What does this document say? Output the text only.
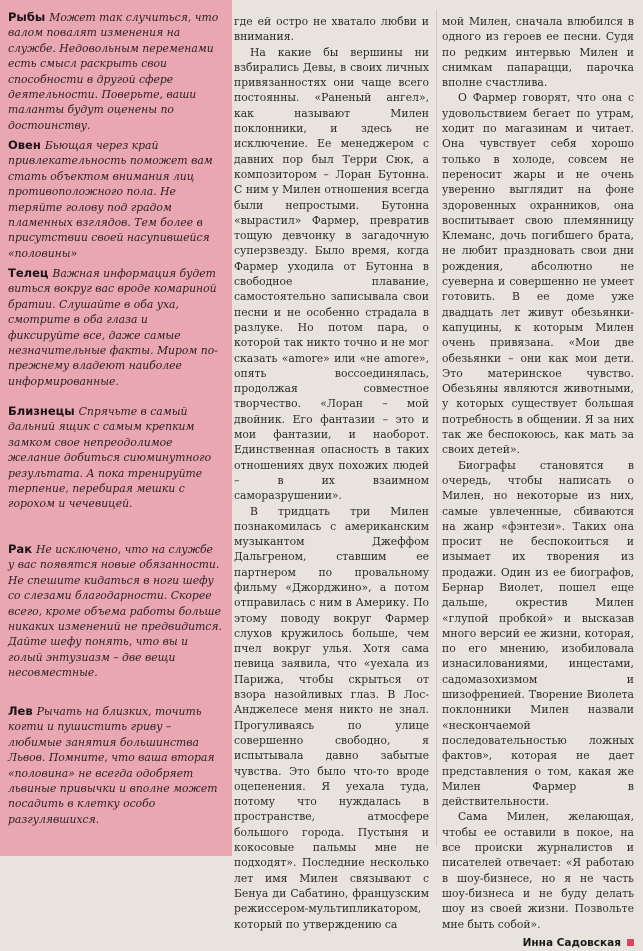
Рыбы Может так случиться, что валом повалят изменения на службе. Недовольным переменами есть смысл раскрыть свои способности в другой сфере деятельности. Поверьте, ваши таланты будут оценены по достоинству.

Овен Бьющая через край привлекательность поможет вам стать объектом внимания лиц противоположного пола. Не теряйте голову под градом пламенных взглядов. Тем более в присутствии своей насупившейся «половины»

Телец Важная информация будет виться вокруг вас вроде комариной братии. Слушайте в оба уха, смотрите в оба глаза и фиксируйте все, даже самые незначительные факты. Миром по-прежнему владеют наиболее информированные.

Близнецы Спрячьте в самый дальний ящик с самым крепким замком свое непреодолимое желание добиться сиюминутного результата. А пока тренируйте терпение, перебирая мешки с горохом и чечевицей.

Рак Не исключено, что на службе у вас появятся новые обязанности. Не спешите кидаться в ноги шефу со слезами благодарности. Скорее всего, кроме объема работы больше никаких изменений не предвидится. Дайте шефу понять, что вы и голый энтузиазм – две вещи несовместные.

Лев Рычать на близких, точить когти и пушистить гриву – любимые занятия большинства Львов. Помните, что ваша вторая «половина» не всегда одобряет львиные привычки и вполне может посадить в клетку особо разгулявшихся.

где ей остро не хватало любви и внимания.

На какие бы вершины ни взбирались Девы, в своих личных привязанностях они чаще всего постоянны. «Раненый ангел», как называют Милен поклонники, и здесь не исключение. Ее менеджером с давних пор был Терри Сюк, а композитором – Лоран Бутонна. С ним у Милен отношения всегда были непростыми. Бутонна «вырастил» Фармер, превратив тощую девчонку в загадочную суперзвезду. Было время, когда Фармер уходила от Бутонна в свободное плавание, самостоятельно записывала свои песни и не особенно страдала в разлуке. Но потом пара, о которой так никто точно и не мог сказать «amore» или «не amore», опять воссоединялась, продолжая совместное творчество. «Лоран – мой двойник. Его фантазии – это и мои фантазии, и наоборот. Единственная опасность в таких отношениях двух похожих людей – в их взаимном саморазрушении».

В тридцать три Милен познакомилась с американским музыкантом Джеффом Дальгреном, ставшим ее партнером по провальному фильму «Джорджино», а потом отправилась с ним в Америку. По этому поводу вокруг Фармер слухов кружилось больше, чем пчел вокруг улья. Хотя сама певица заявила, что «уехала из Парижа, чтобы скрыться от взора назойливых глаз. В Лос-Анджелесе меня никто не знал. Прогуливаясь по улице совершенно свободно, я испытывала давно забытые чувства. Это было что-то вроде оцепенения. Я уехала туда, потому что нуждалась в пространстве, атмосфере большого города. Пустыня и кокосовые пальмы мне не подходят». Последние несколько лет имя Милен связывают с Бенуа ди Сабатино, французским режиссером-мультипликатором, который по утверждению са

мой Милен, сначала влюбился в одного из героев ее песни. Судя по редким интервью Милен и снимкам папарацци, парочка вполне счастлива.

О Фармер говорят, что она с удовольствием бегает по утрам, ходит по магазинам и читает. Она чувствует себя хорошо только в холоде, совсем не переносит жары и не очень уверенно выглядит на фоне здоровенных охранников, она воспитывает свою племянницу Клеманс, дочь погибшего брата, не любит праздновать свои дни рождения, абсолютно не суеверна и совершенно не умеет готовить. В ее доме уже двадцать лет живут обезьянки-капуцины, к которым Милен очень привязана. «Мои две обезьянки – они как мои дети. Это материнское чувство. Обезьяны являются животными, у которых существует большая потребность в общении. Я за них так же беспокоюсь, как мать за своих детей».

Биографы становятся в очередь, чтобы написать о Милен, но некоторые из них, самые увлеченные, сбиваются на жанр «фэнтези». Таких она просит не беспокоиться и изымает их творения из продажи. Один из ее биографов, Бернар Виолет, пошел еще дальше, окрестив Милен «глупой пробкой» и высказав много версий ее жизни, которая, по его мнению, изобиловала изнасилованиями, инцестами, садомазохизмом и шизофренией. Творение Виолета поклонники Милен назвали «нескончаемой последовательностью ложных фактов», которая не дает представления о том, какая же Милен Фармер в действительности.

Сама Милен, желающая, чтобы ее оставили в покое, на все происки журналистов и писателей отвечает: «Я работаю в шоу-бизнесе, но я не часть шоу-бизнеса и не буду делать шоу из своей жизни. Позвольте мне быть собой».

Инна Садовская
